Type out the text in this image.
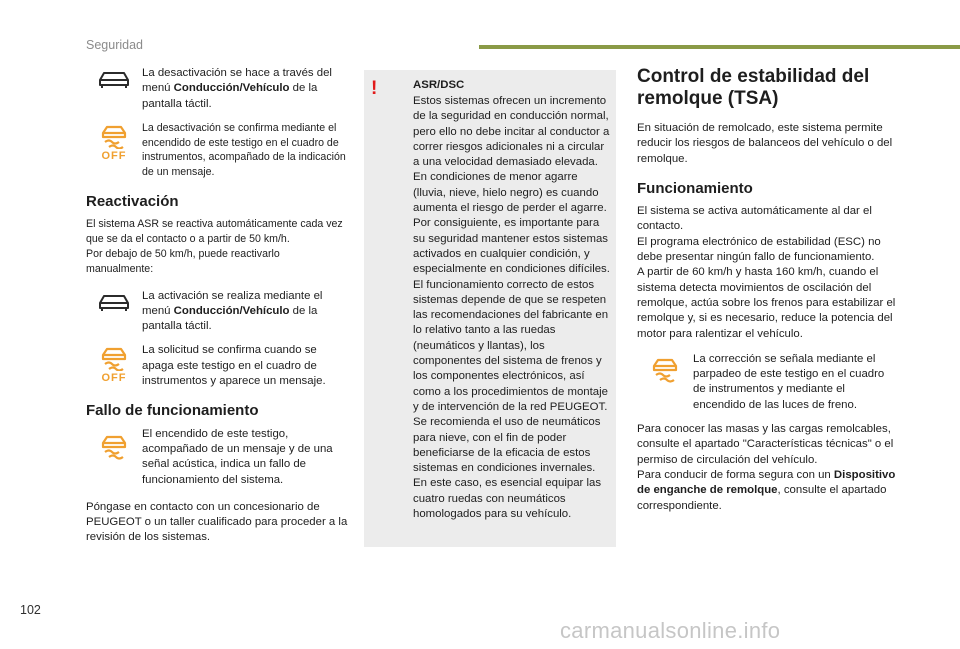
Seguridad
102
carmanualsonline.info
La desactivación se hace a través del menú Conducción/Vehículo de la pantalla táctil.
OFF
La desactivación se confirma mediante el encendido de este testigo en el cuadro de instrumentos, acompañado de la indicación de un mensaje.
Reactivación

El sistema ASR se reactiva automáticamente cada vez que se da el contacto o a partir de 50 km/h.
Por debajo de 50 km/h, puede reactivarlo manualmente:

La activación se realiza mediante el menú Conducción/Vehículo de la pantalla táctil.
OFF
La solicitud se confirma cuando se apaga este testigo en el cuadro de instrumentos y aparece un mensaje.
Fallo de funcionamiento
El encendido de este testigo, acompañado de un mensaje y de una señal acústica, indica un fallo de funcionamiento del sistema.

Póngase en contacto con un concesionario de PEUGEOT o un taller cualificado para proceder a la revisión de los sistemas.

!	ASR/DSC
Estos sistemas ofrecen un incremento de la seguridad en conducción normal, pero ello no debe incitar al conductor a correr riesgos adicionales ni a circular a una velocidad demasiado elevada.
En condiciones de menor agarre (lluvia, nieve, hielo negro) es cuando aumenta el riesgo de perder el agarre. Por consiguiente, es importante para su seguridad mantener estos sistemas activados en cualquier condición, y especialmente en condiciones difíciles.
El funcionamiento correcto de estos sistemas depende de que se respeten las recomendaciones del fabricante en lo relativo tanto a las ruedas (neumáticos y llantas), los componentes del sistema de frenos y los componentes electrónicos, así como a los procedimientos de montaje y de intervención de la red PEUGEOT.
Se recomienda el uso de neumáticos para nieve, con el fin de poder beneficiarse de la eficacia de estos sistemas en condiciones invernales.
En este caso, es esencial equipar las cuatro ruedas con neumáticos homologados para su vehículo.
Control de estabilidad del remolque (TSA)

En situación de remolcado, este sistema permite reducir los riesgos de balanceos del vehículo o del remolque.

Funcionamiento

El sistema se activa automáticamente al dar el contacto.
El programa electrónico de estabilidad (ESC) no debe presentar ningún fallo de funcionamiento.
A partir de 60 km/h y hasta 160 km/h, cuando el sistema detecta movimientos de oscilación del remolque, actúa sobre los frenos para estabilizar el remolque y, si es necesario, reduce la potencia del motor para ralentizar el vehículo.

La corrección se señala mediante el parpadeo de este testigo en el cuadro de instrumentos y mediante el encendido de las luces de freno.

Para conocer las masas y las cargas remolcables, consulte el apartado "Características técnicas" o el permiso de circulación del vehículo.
Para conducir de forma segura con un Dispositivo de enganche de remolque, consulte el apartado correspondiente.
